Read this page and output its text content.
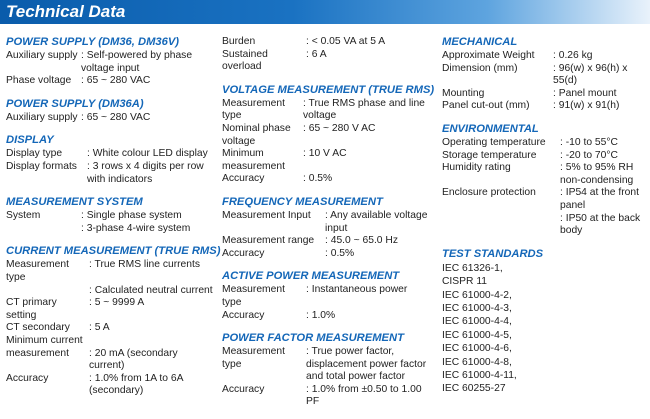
Technical Data
POWER SUPPLY (DM36, DM36V)
Auxiliary supply : Self-powered by phase voltage input
Phase voltage : 65 ~ 280 VAC
POWER SUPPLY (DM36A)
Auxiliary supply : 65 ~ 280 VAC
DISPLAY
Display type	: White colour LED display
Display formats : 3 rows x 4 digits per row with indicators
MEASUREMENT SYSTEM
System	: Single phase system
: 3-phase 4-wire system
CURRENT MEASUREMENT (TRUE RMS)
Measurement type
: True RMS line currents
: Calculated neutral current
CT primary setting
: 5 ~ 9999 A
CT secondary	: 5 A
Minimum current
measurement	: 20 mA (secondary current)
Accuracy	: 1.0% from 1A to 6A (secondary)
Burden	: < 0.05 VA at 5 A
Sustained overload
: 6 A
VOLTAGE MEASUREMENT (TRUE RMS)
Measurement type
: True RMS phase and line voltage
Nominal phase voltage
: 65 ~ 280 V AC
Minimum measurement
: 10 V AC
Accuracy	: 0.5%
FREQUENCY MEASUREMENT
Measurement Input	: Any available voltage input
Measurement range	: 45.0 ~ 65.0 Hz
Accuracy	: 0.5%
ACTIVE POWER MEASUREMENT
Measurement type
: Instantaneous power
Accuracy	: 1.0%
POWER FACTOR MEASUREMENT
Measurement type
: True power factor, displacement power factor and total power factor
Accuracy	: 1.0% from ±0.50 to 1.00 PF
MECHANICAL
Approximate Weight	: 0.26 kg
Dimension (mm)	: 96(w) x 96(h) x 55(d)
Mounting	: Panel mount
Panel cut-out (mm)	: 91(w) x 91(h)
ENVIRONMENTAL
Operating temperature	: -10 to 55°C
Storage temperature	: -20 to 70°C
Humidity rating	: 5% to 95% RH non-condensing
Enclosure protection	: IP54 at the front panel
: IP50 at the back body
TEST STANDARDS
IEC 61326-1,
CISPR 11
IEC 61000-4-2,
IEC 61000-4-3,
IEC 61000-4-4,
IEC 61000-4-5,
IEC 61000-4-6,
IEC 61000-4-8,
IEC 61000-4-11,
IEC 60255-27
